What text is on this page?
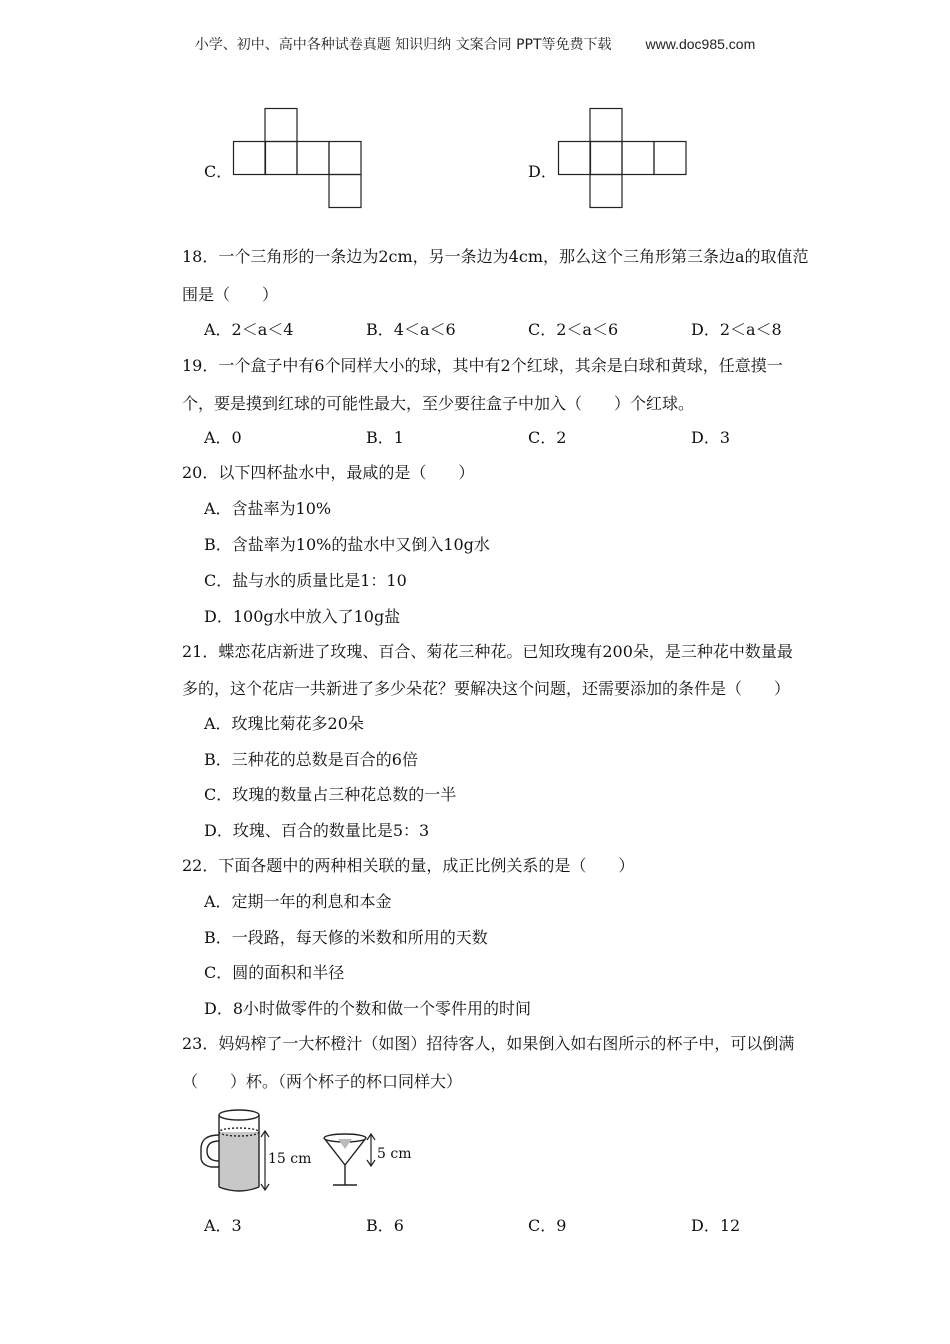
小学、初中、高中各种试卷真题 知识归纳 文案合同 PPT等免费下载 www.doc985.com
C．	D．
18．一个三角形的一条边为2cm，另一条边为4cm，那么这个三角形第三条边a的取值范
围是（　　）
A．2＜a＜4	B．4＜a＜6	C．2＜a＜6	D．2＜a＜8
19．一个盒子中有6个同样大小的球，其中有2个红球，其余是白球和黄球，任意摸一
个，要是摸到红球的可能性最大，至少要往盒子中加入（　　）个红球。
A．0	B．1	C．2	D．3
20．以下四杯盐水中，最咸的是（　　）
A．含盐率为10%
B．含盐率为10%的盐水中又倒入10g水
C．盐与水的质量比是1：10
D．100g水中放入了10g盐
21．蝶恋花店新进了玫瑰、百合、菊花三种花。已知玫瑰有200朵，是三种花中数量最
多的，这个花店一共新进了多少朵花？要解决这个问题，还需要添加的条件是（　　）
A．玫瑰比菊花多20朵
B．三种花的总数是百合的6倍
C．玫瑰的数量占三种花总数的一半
D．玫瑰、百合的数量比是5：3
22．下面各题中的两种相关联的量，成正比例关系的是（　　）
A．定期一年的利息和本金
B．一段路，每天修的米数和所用的天数
C．圆的面积和半径
D．8小时做零件的个数和做一个零件用的时间
23．妈妈榨了一大杯橙汁（如图）招待客人，如果倒入如右图所示的杯子中，可以倒满
（　　）杯。（两个杯子的杯口同样大）
15 cm	5 cm
A．3	B．6	C．9	D．12
